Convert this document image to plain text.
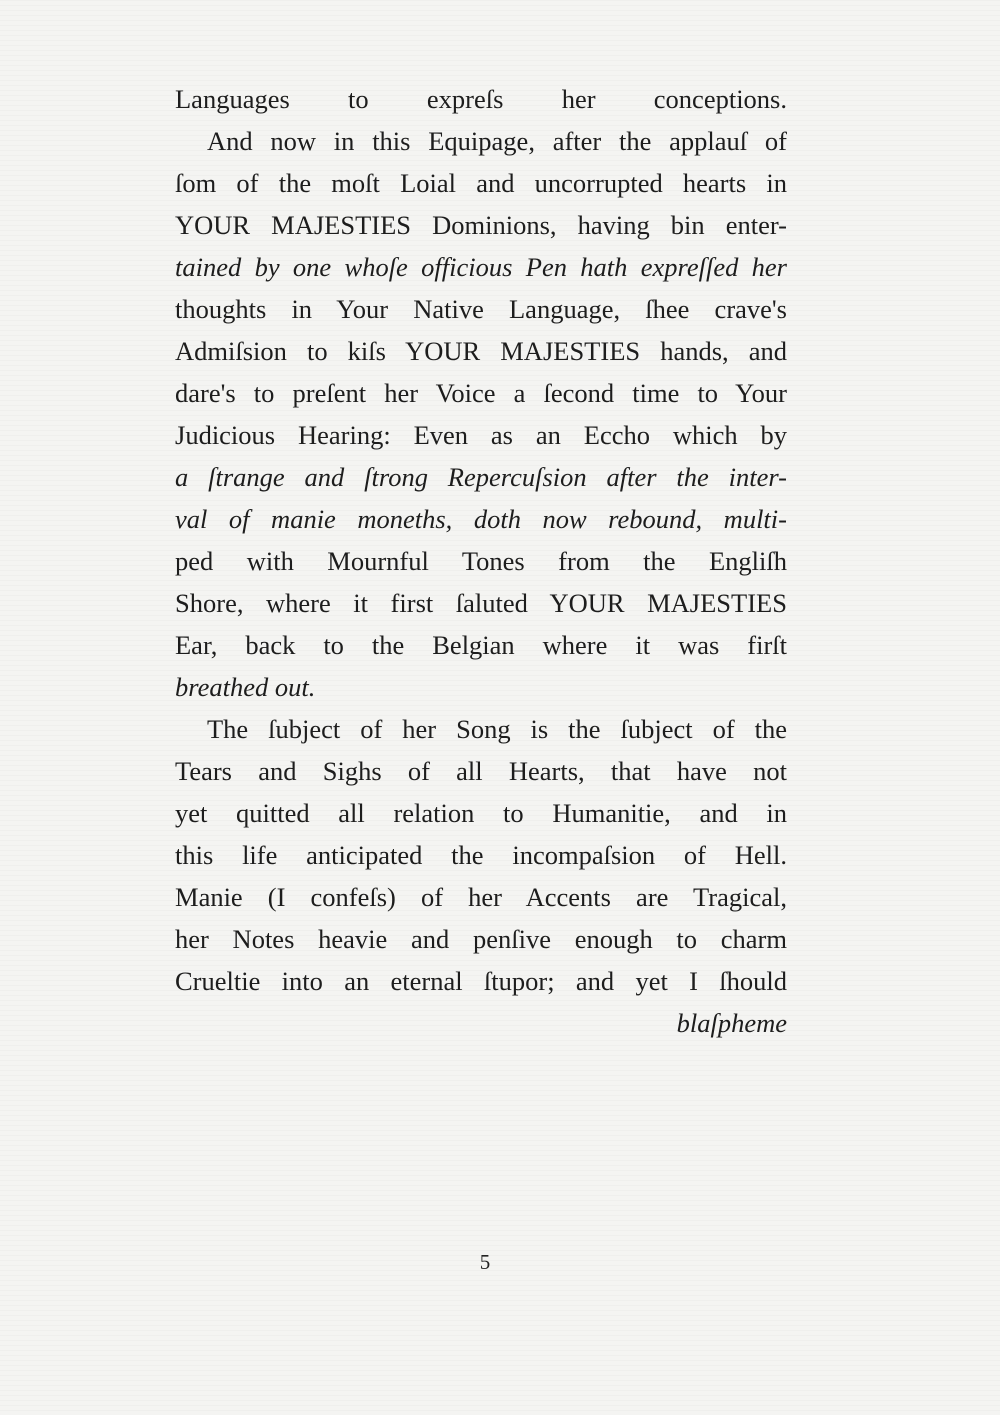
Languages to expreſs her conceptions.
And now in this Equipage, after the applauſ of
ſom of the moſt Loial and uncorrupted hearts in
YOUR MAJESTIES Dominions, having bin enter-
tained by one whoſe officious Pen hath expreſſed her
thoughts in Your Native Language, ſhee crave's
Admiſsion to kiſs YOUR MAJESTIES hands, and
dare's to preſent her Voice a ſecond time to Your
Judicious Hearing: Even as an Eccho which by
a ſtrange and ſtrong Repercuſsion after the inter-
val of manie moneths, doth now rebound, multi-
ped with Mournful Tones from the Engliſh
Shore, where it first ſaluted YOUR MAJESTIES
Ear, back to the Belgian where it was firſt
breathed out.
The ſubject of her Song is the ſubject of the
Tears and Sighs of all Hearts, that have not
yet quitted all relation to Humanitie, and in
this life anticipated the incompaſsion of Hell.
Manie (I confeſs) of her Accents are Tragical,
her Notes heavie and penſive enough to charm
Crueltie into an eternal ſtupor; and yet I ſhould
blaſpheme
5
